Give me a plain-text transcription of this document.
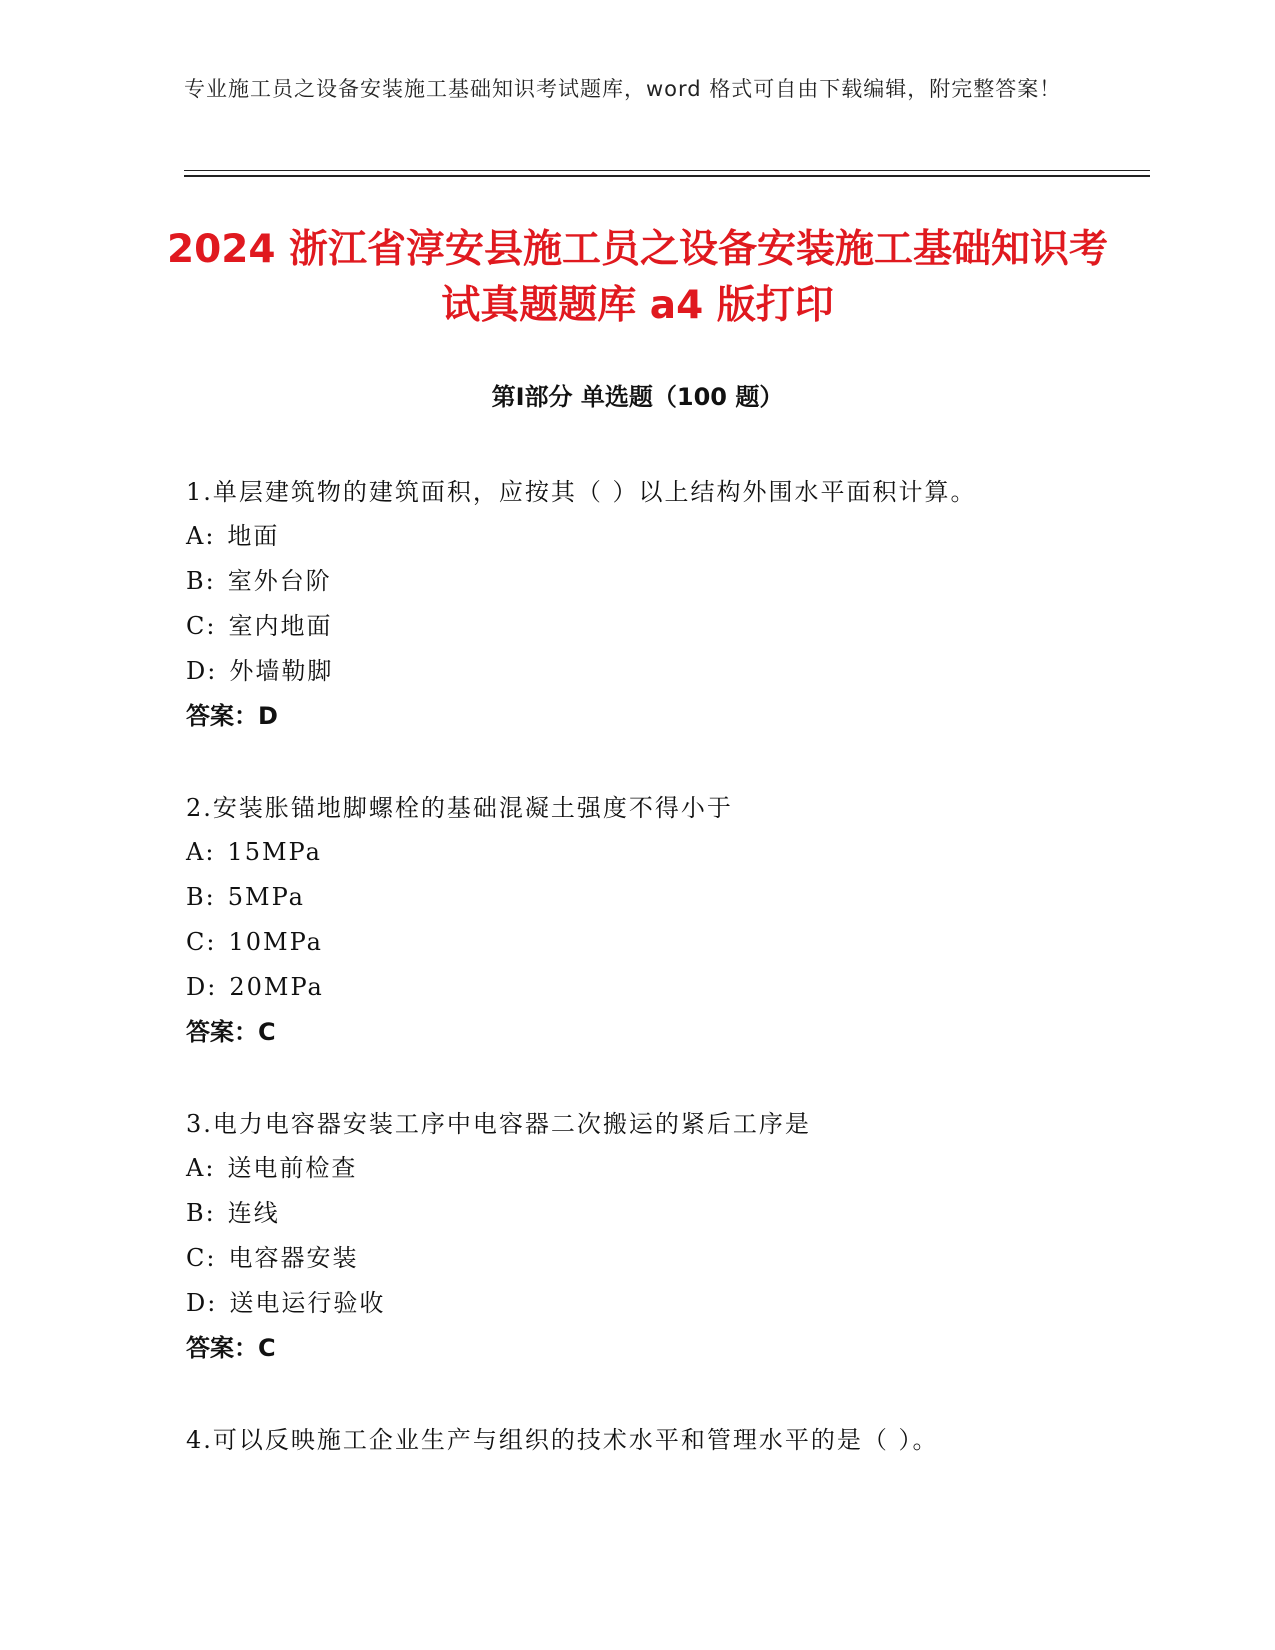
专业施工员之设备安装施工基础知识考试题库，word 格式可自由下载编辑，附完整答案！
2024 浙江省淳安县施工员之设备安装施工基础知识考试真题题库 a4 版打印
第Ⅰ部分 单选题（100 题）
1.单层建筑物的建筑面积，应按其（ ）以上结构外围水平面积计算。
A: 地面
B: 室外台阶
C: 室内地面
D: 外墙勒脚
答案：D
2.安装胀锚地脚螺栓的基础混凝土强度不得小于
A: 15MPa
B: 5MPa
C: 10MPa
D: 20MPa
答案：C
3.电力电容器安装工序中电容器二次搬运的紧后工序是
A: 送电前检查
B: 连线
C: 电容器安装
D: 送电运行验收
答案：C
4.可以反映施工企业生产与组织的技术水平和管理水平的是（ ）。
